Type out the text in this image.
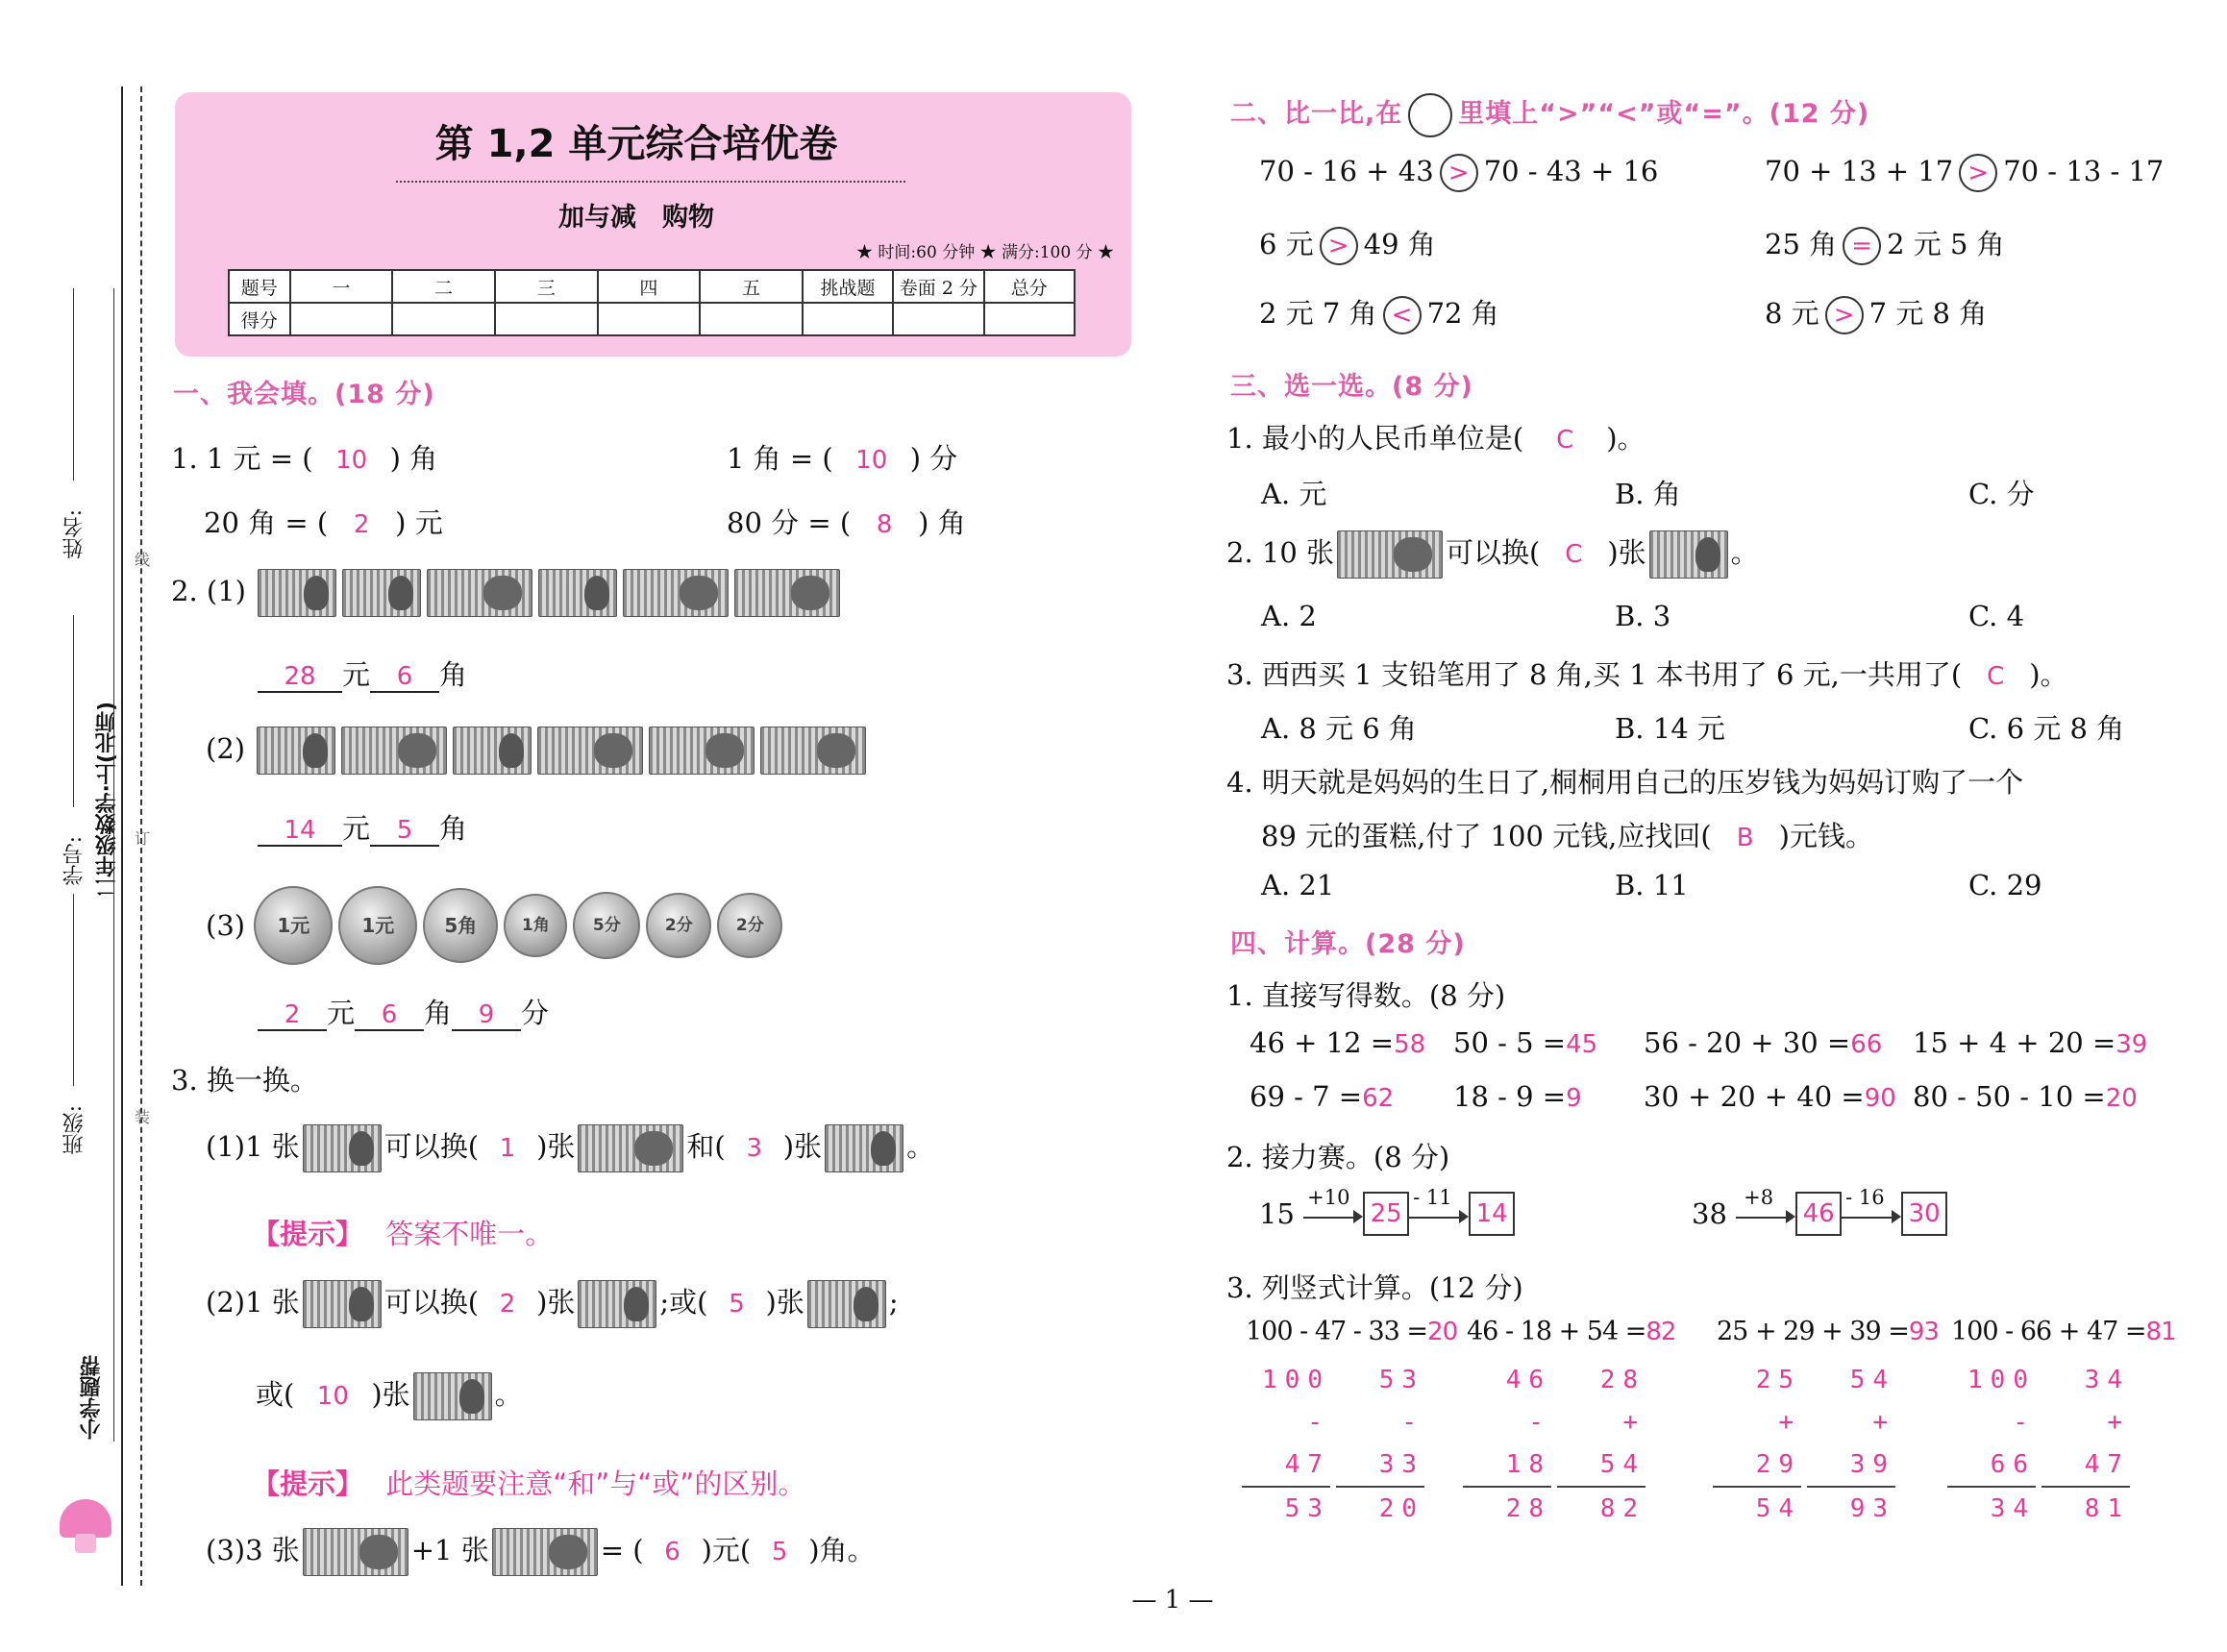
姓名:
学号:
班级:
二年级数学·上(北师)
小学题帮
线
订
装
第 1,2 单元综合培优卷
加与减　购物
★ 时间:60 分钟 ★ 满分:100 分 ★
题号	一	二	三	四	五	挑战题	卷面 2 分	总分
得分								
一、我会填。(18 分)
1. 1 元 = ( 10 ) 角	1 角 = ( 10 ) 分
20 角 = ( 2 ) 元	80 分 = ( 8 ) 角
2. (1)
28 元 6 角
(2)
14 元 5 角
(3) 1元	1元	5角	1角	5分	2分	2分
2 元 6 角 9 分
3. 换一换。
(1)1 张	可以换( 1 )张	和( 3 )张	。
【提示】 答案不唯一。
(2)1 张	可以换( 2 )张	;或( 5 )张	;
或( 10 )张	。
【提示】 此类题要注意“和”与“或”的区别。
(3)3 张	+1 张	= ( 6 )元( 5 )角。
二、比一比,在 里填上“>”“<”或“=”。(12 分)
70 - 16 + 43 > 70 - 43 + 16	70 + 13 + 17 > 70 - 13 - 17
6 元 > 49 角	25 角 = 2 元 5 角
2 元 7 角 < 72 角	8 元 > 7 元 8 角
三、选一选。(8 分)
1. 最小的人民币单位是( C )。
A. 元	B. 角	C. 分
2. 10 张	可以换( C )张	。
A. 2	B. 3	C. 4
3. 西西买 1 支铅笔用了 8 角,买 1 本书用了 6 元,一共用了( C )。
A. 8 元 6 角	B. 14 元	C. 6 元 8 角
4. 明天就是妈妈的生日了,桐桐用自己的压岁钱为妈妈订购了一个
89 元的蛋糕,付了 100 元钱,应找回( B )元钱。
A. 21	B. 11	C. 29
四、计算。(28 分)
1. 直接写得数。(8 分)
46 + 12 =58 50 - 5 =45 56 - 20 + 30 =66 15 + 4 + 20 =39
69 - 7 =62 18 - 9 =9 30 + 20 + 40 =90 80 - 50 - 10 =20
2. 接力赛。(8 分)
15 +10
25
- 11
14	38 +8
46
- 16
30
3. 列竖式计算。(12 分)
100 - 47 - 33 =20
100
- 47
53
53
- 33
20
46 - 18 + 54 =82
46
- 18
28
28
+ 54
82
25 + 29 + 39 =93
25
+ 29
54
54
+ 39
93
100 - 66 + 47 =81
100
- 66
34
34
+ 47
81
— 1 —
